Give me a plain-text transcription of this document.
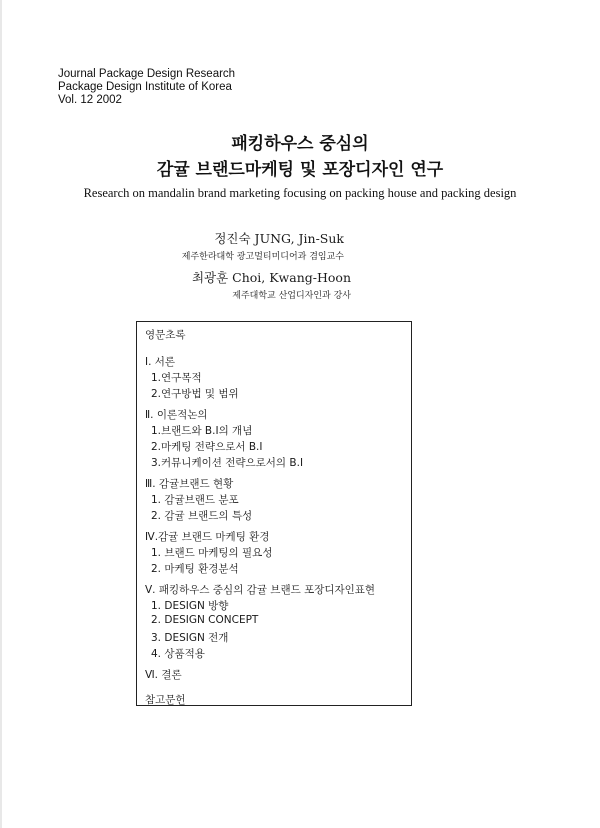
Journal Package Design Research
Package Design Institute of Korea
Vol. 12 2002
패킹하우스 중심의
감귤 브랜드마케팅 및 포장디자인 연구
Research on mandalin brand marketing focusing on packing house and packing design
정진숙 JUNG, Jin-Suk
제주한라대학 광고멀티미디어과 겸임교수
최광훈 Choi, Kwang-Hoon
제주대학교 산업디자인과 강사
영문초록
Ⅰ. 서론
1.연구목적
2.연구방법 및 범위
Ⅱ. 이론적논의
1.브랜드와 B.I의 개념
2.마케팅 전략으로서 B.I
3.커뮤니케이션 전략으로서의 B.I
Ⅲ. 감귤브랜드 현황
1. 감귤브랜드 분포
2. 감귤 브랜드의 특성
Ⅳ.감귤 브랜드 마케팅 환경
1. 브랜드 마케팅의 필요성
2. 마케팅 환경분석
Ⅴ. 패킹하우스 중심의 감귤 브랜드 포장디자인표현
1. DESIGN 방향
2. DESIGN CONCEPT
3. DESIGN 전개
4. 상품적용
Ⅵ. 결론
참고문헌
